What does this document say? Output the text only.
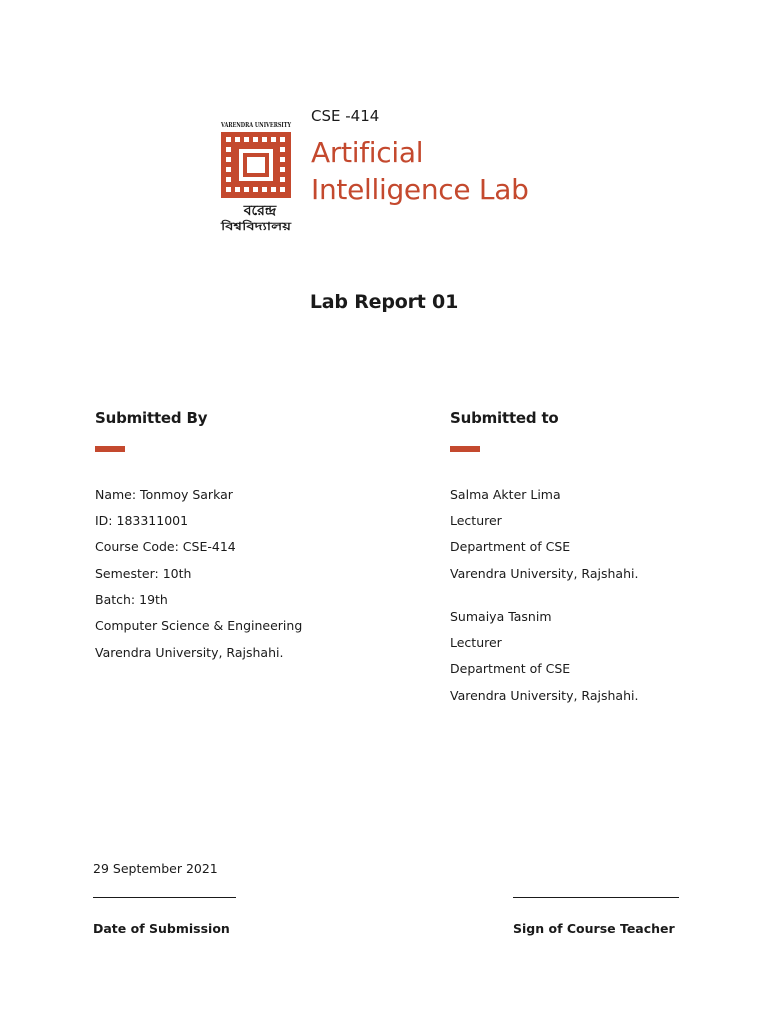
VARENDRA UNIVERSITY
বরেন্দ্র
বিশ্ববিদ্যালয়
CSE -414
Artificial
Intelligence Lab
Lab Report 01
Submitted By
Name: Tonmoy Sarkar
ID: 183311001
Course Code: CSE-414
Semester: 10th
Batch: 19th
Computer Science & Engineering
Varendra University, Rajshahi.
Submitted to
Salma Akter Lima
Lecturer
Department of CSE
Varendra University, Rajshahi.
Sumaiya Tasnim
Lecturer
Department of CSE
Varendra University, Rajshahi.
29 September 2021
Date of Submission	Sign of Course Teacher
